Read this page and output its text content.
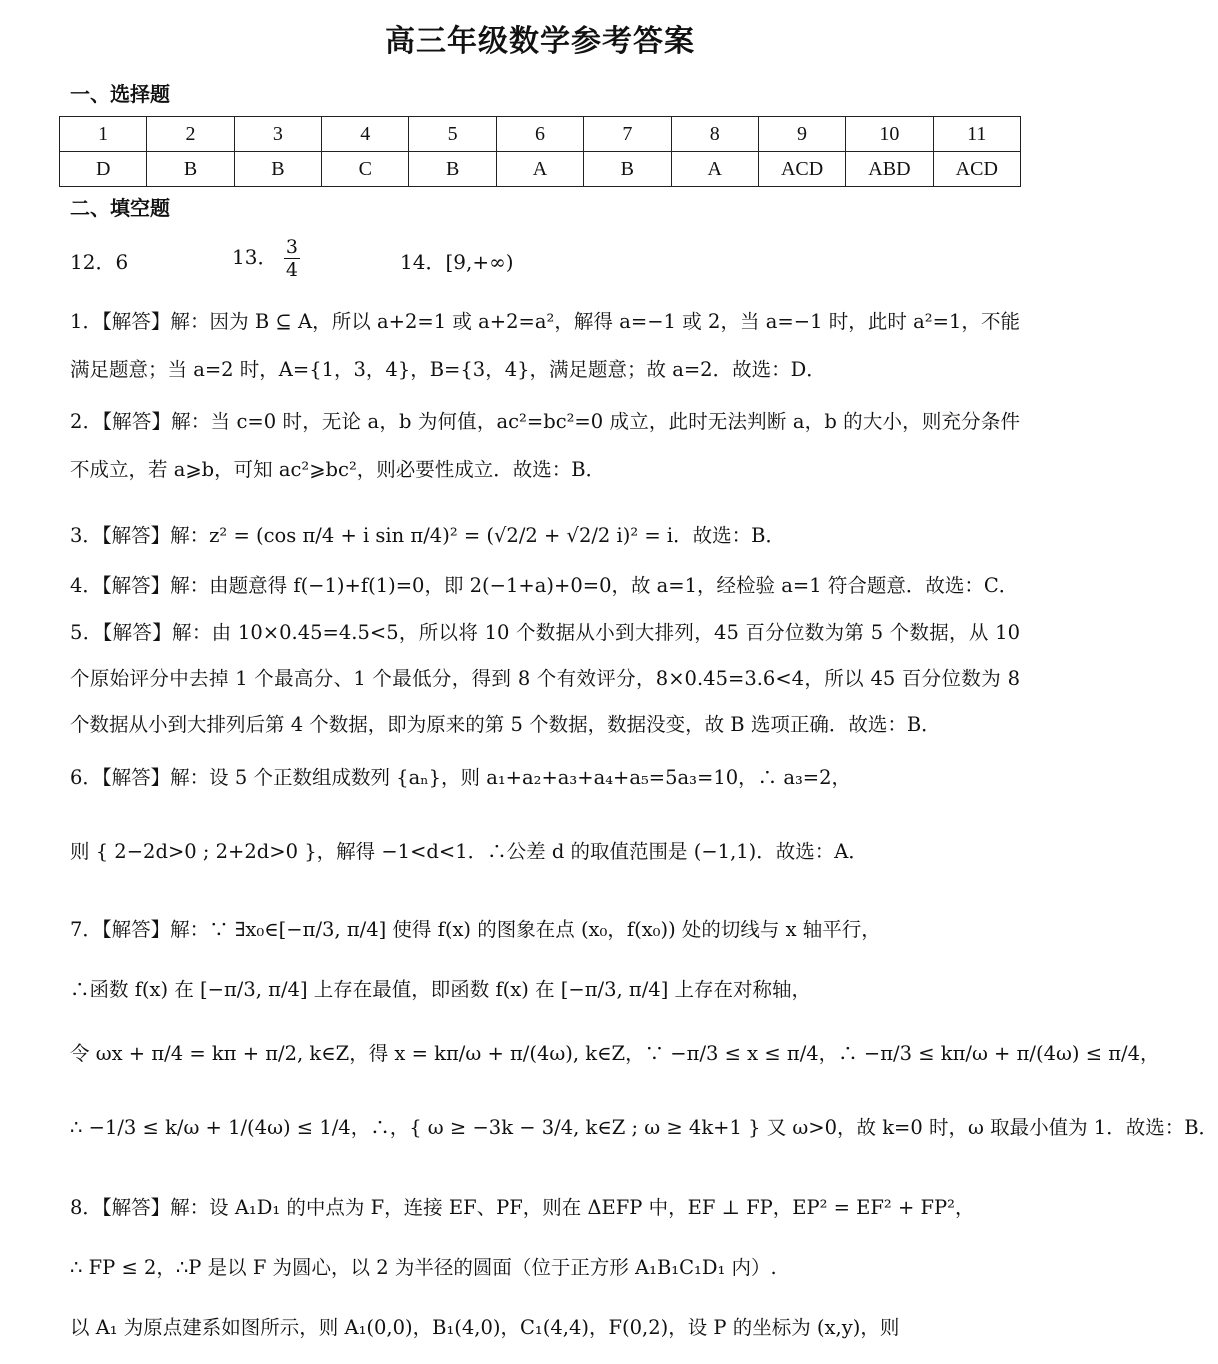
高三年级数学参考答案
一、选择题
1	2	3	4	5	6	7	8	9	10	11
D	B	B	C	B	A	B	A	ACD	ABD	ACD
二、填空题
12．6	13． $\frac{3}{4}$	14．[9,+∞)
1．【解答】解：因为 B ⊆ A，所以 a+2=1 或 a+2=a²，解得 a=−1 或 2，当 a=−1 时，此时 a²=1，不能满足题意；当 a=2 时，A={1，3，4}，B={3，4}，满足题意；故 a=2．故选：D．
2．【解答】解：当 c=0 时，无论 a，b 为何值，ac²=bc²=0 成立，此时无法判断 a，b 的大小，则充分条件不成立，若 a⩾b，可知 ac²⩾bc²，则必要性成立．故选：B．
3．【解答】解：z² = (cos π/4 + i sin π/4)² = (√2/2 + √2/2 i)² = i．故选：B．
4．【解答】解：由题意得 f(−1)+f(1)=0，即 2(−1+a)+0=0，故 a=1，经检验 a=1 符合题意．故选：C．
5．【解答】解：由 10×0.45=4.5<5，所以将 10 个数据从小到大排列，45 百分位数为第 5 个数据，从 10 个原始评分中去掉 1 个最高分、1 个最低分，得到 8 个有效评分，8×0.45=3.6<4，所以 45 百分位数为 8 个数据从小到大排列后第 4 个数据，即为原来的第 5 个数据，数据没变，故 B 选项正确．故选：B．
6．【解答】解：设 5 个正数组成数列 {aₙ}，则 a₁+a₂+a₃+a₄+a₅=5a₃=10，∴ a₃=2，
则 { 2−2d>0 ; 2+2d>0 }，解得 −1<d<1．∴公差 d 的取值范围是 (−1,1)．故选：A．
7．【解答】解：∵ ∃x₀∈[−π/3, π/4] 使得 f(x) 的图象在点 (x₀，f(x₀)) 处的切线与 x 轴平行，
∴函数 f(x) 在 [−π/3, π/4] 上存在最值，即函数 f(x) 在 [−π/3, π/4] 上存在对称轴，
令 ωx + π/4 = kπ + π/2, k∈Z，得 x = kπ/ω + π/(4ω), k∈Z，∵ −π/3 ≤ x ≤ π/4，∴ −π/3 ≤ kπ/ω + π/(4ω) ≤ π/4，
∴ −1/3 ≤ k/ω + 1/(4ω) ≤ 1/4，∴，{ ω ≥ −3k − 3/4, k∈Z ; ω ≥ 4k+1 } 又 ω>0，故 k=0 时，ω 取最小值为 1．故选：B．
8．【解答】解：设 A₁D₁ 的中点为 F，连接 EF、PF，则在 ΔEFP 中，EF ⊥ FP，EP² = EF² + FP²，
∴ FP ≤ 2，∴P 是以 F 为圆心，以 2 为半径的圆面（位于正方形 A₁B₁C₁D₁ 内）.
以 A₁ 为原点建系如图所示，则 A₁(0,0)，B₁(4,0)，C₁(4,4)，F(0,2)，设 P 的坐标为 (x,y)，则
